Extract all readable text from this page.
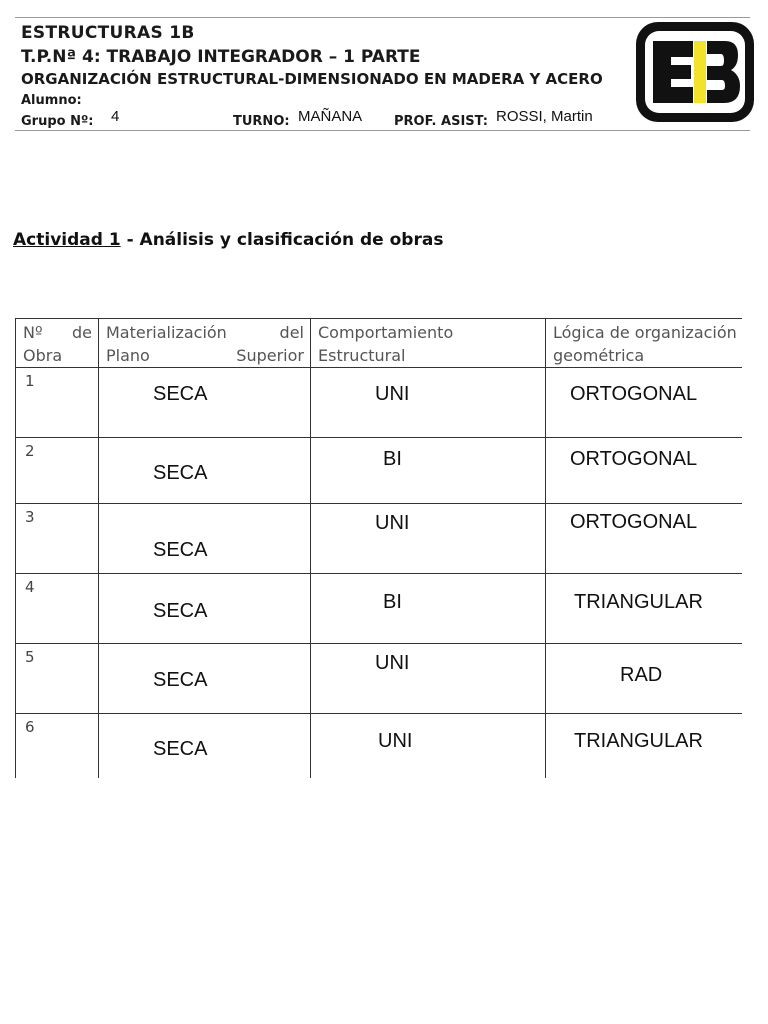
ESTRUCTURAS 1B
T.P.Nª 4: TRABAJO INTEGRADOR – 1 PARTE
ORGANIZACIÓN ESTRUCTURAL-DIMENSIONADO EN MADERA Y ACERO
Alumno:
Grupo Nº: 4	TURNO: MAÑANA PROF. ASIST: ROSSI, Martin
Actividad 1 - Análisis y clasificación de obras
Nº de Obra	Materialización del Plano Superior	Comportamiento Estructural	Lógica de organización geométrica
1	SECA	UNI	ORTOGONAL

2	SECA	BI	ORTOGONAL

3	SECA	UNI	ORTOGONAL

4	SECA	BI	TRIANGULAR

5	SECA	UNI	RAD

6	SECA	UNI	TRIANGULAR
